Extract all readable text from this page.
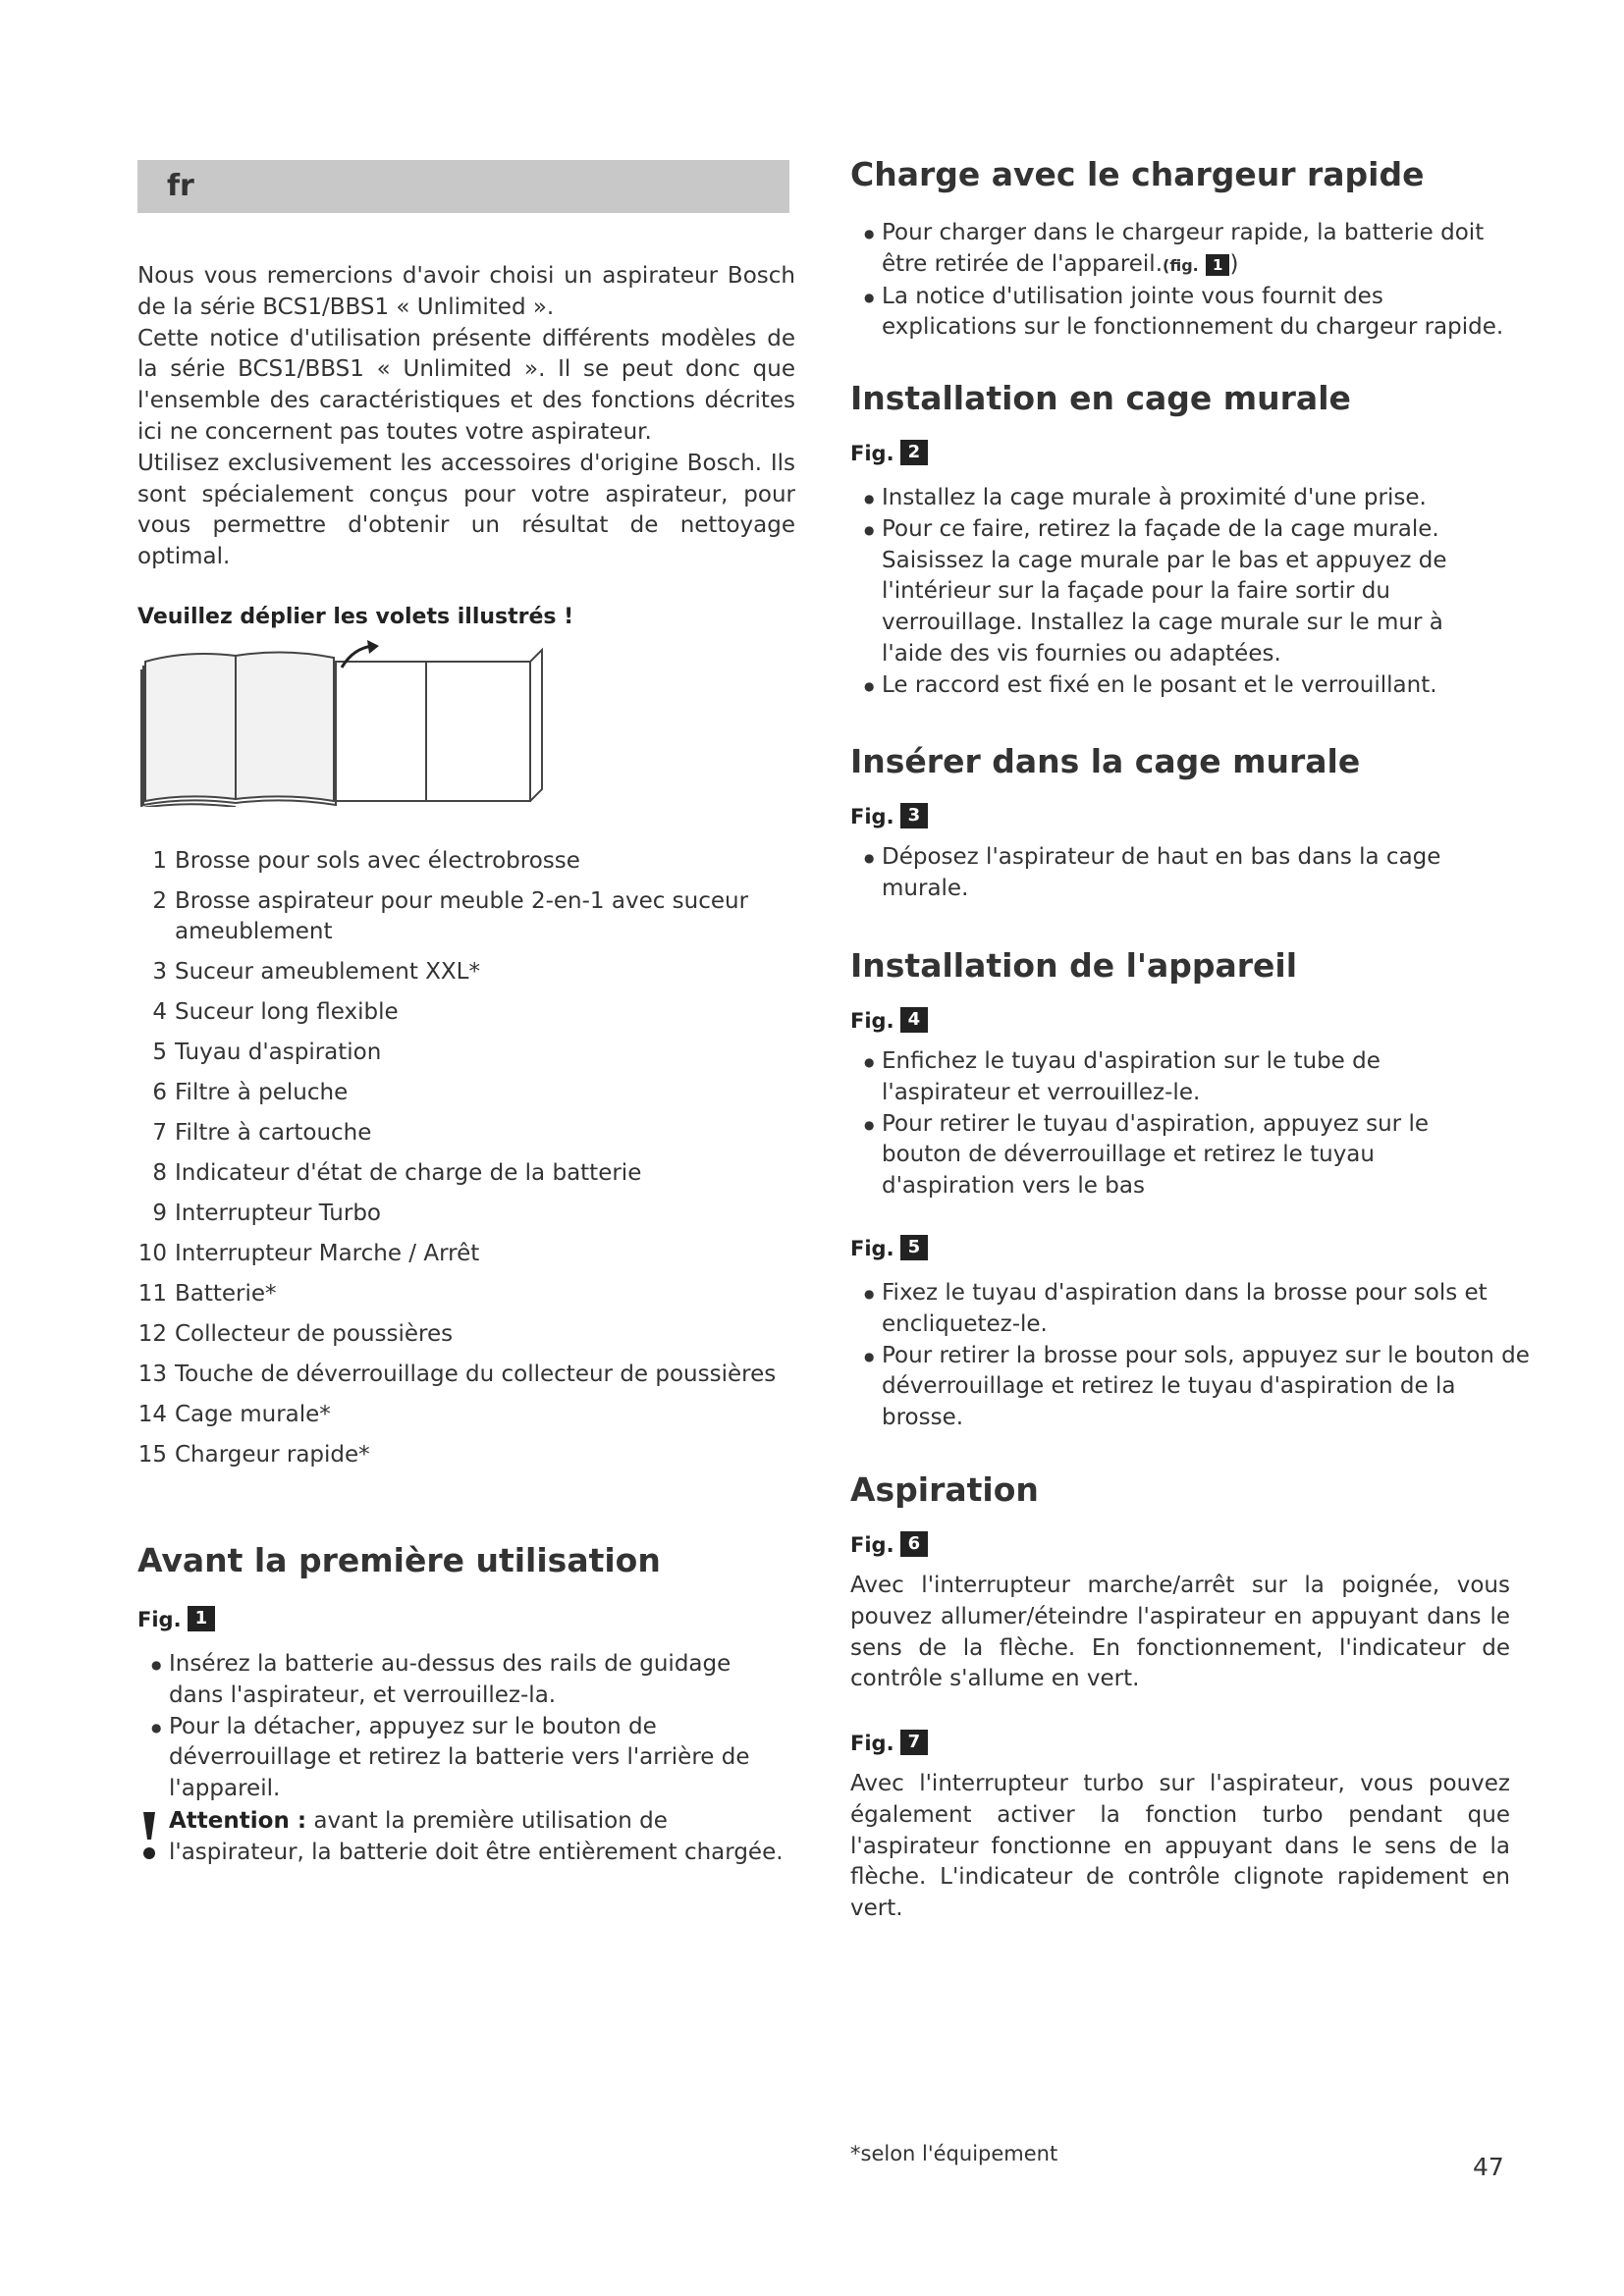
fr

Nous vous remercions d'avoir choisi un aspirateur Bosch de la série BCS1/BBS1 « Unlimited ».

Cette notice d'utilisation présente différents modèles de la série BCS1/BBS1 « Unlimited ». Il se peut donc que l'ensemble des caractéristiques et des fonctions décrites ici ne concernent pas toutes votre aspirateur.

Utilisez exclusivement les accessoires d'origine Bosch. Ils sont spécialement conçus pour votre aspirateur, pour vous permettre d'obtenir un résultat de nettoyage optimal.

Veuillez déplier les volets illustrés !
1 Brosse pour sols avec électrobrosse
2 Brosse aspirateur pour meuble 2-en-1 avec suceur ameublement
3 Suceur ameublement XXL*
4 Suceur long flexible
5 Tuyau d'aspiration
6 Filtre à peluche
7 Filtre à cartouche
8 Indicateur d'état de charge de la batterie
9 Interrupteur Turbo
10 Interrupteur Marche / Arrêt
11 Batterie*
12 Collecteur de poussières
13 Touche de déverrouillage du collecteur de poussières
14 Cage murale*
15 Chargeur rapide*
Avant la première utilisation
Fig. 1
● Insérez la batterie au-dessus des rails de guidage dans l'aspirateur, et verrouillez-la.
● Pour la détacher, appuyez sur le bouton de déverrouillage et retirez la batterie vers l'arrière de l'appareil.
Attention : avant la première utilisation de l'aspirateur, la batterie doit être entièrement chargée.
Charge avec le chargeur rapide
● Pour charger dans le chargeur rapide, la batterie doit être retirée de l'appareil.(fig. 1 )
● La notice d'utilisation jointe vous fournit des explications sur le fonctionnement du chargeur rapide.
Installation en cage murale
Fig. 2
● Installez la cage murale à proximité d'une prise.
● Pour ce faire, retirez la façade de la cage murale. Saisissez la cage murale par le bas et appuyez de l'intérieur sur la façade pour la faire sortir du verrouillage. Installez la cage murale sur le mur à l'aide des vis fournies ou adaptées.
● Le raccord est fixé en le posant et le verrouillant.
Insérer dans la cage murale
Fig. 3
● Déposez l'aspirateur de haut en bas dans la cage murale.
Installation de l'appareil
Fig. 4
● Enfichez le tuyau d'aspiration sur le tube de l'aspirateur et verrouillez-le.
● Pour retirer le tuyau d'aspiration, appuyez sur le bouton de déverrouillage et retirez le tuyau d'aspiration vers le bas
Fig. 5
● Fixez le tuyau d'aspiration dans la brosse pour sols et encliquetez-le.
● Pour retirer la brosse pour sols, appuyez sur le bouton de déverrouillage et retirez le tuyau d'aspiration de la brosse.
Aspiration
Fig. 6

Avec l'interrupteur marche/arrêt sur la poignée, vous pouvez allumer/éteindre l'aspirateur en appuyant dans le sens de la flèche. En fonctionnement, l'indicateur de contrôle s'allume en vert.

Fig. 7

Avec l'interrupteur turbo sur l'aspirateur, vous pouvez également activer la fonction turbo pendant que l'aspirateur fonctionne en appuyant dans le sens de la flèche. L'indicateur de contrôle clignote rapidement en vert.

*selon l'équipement	47
